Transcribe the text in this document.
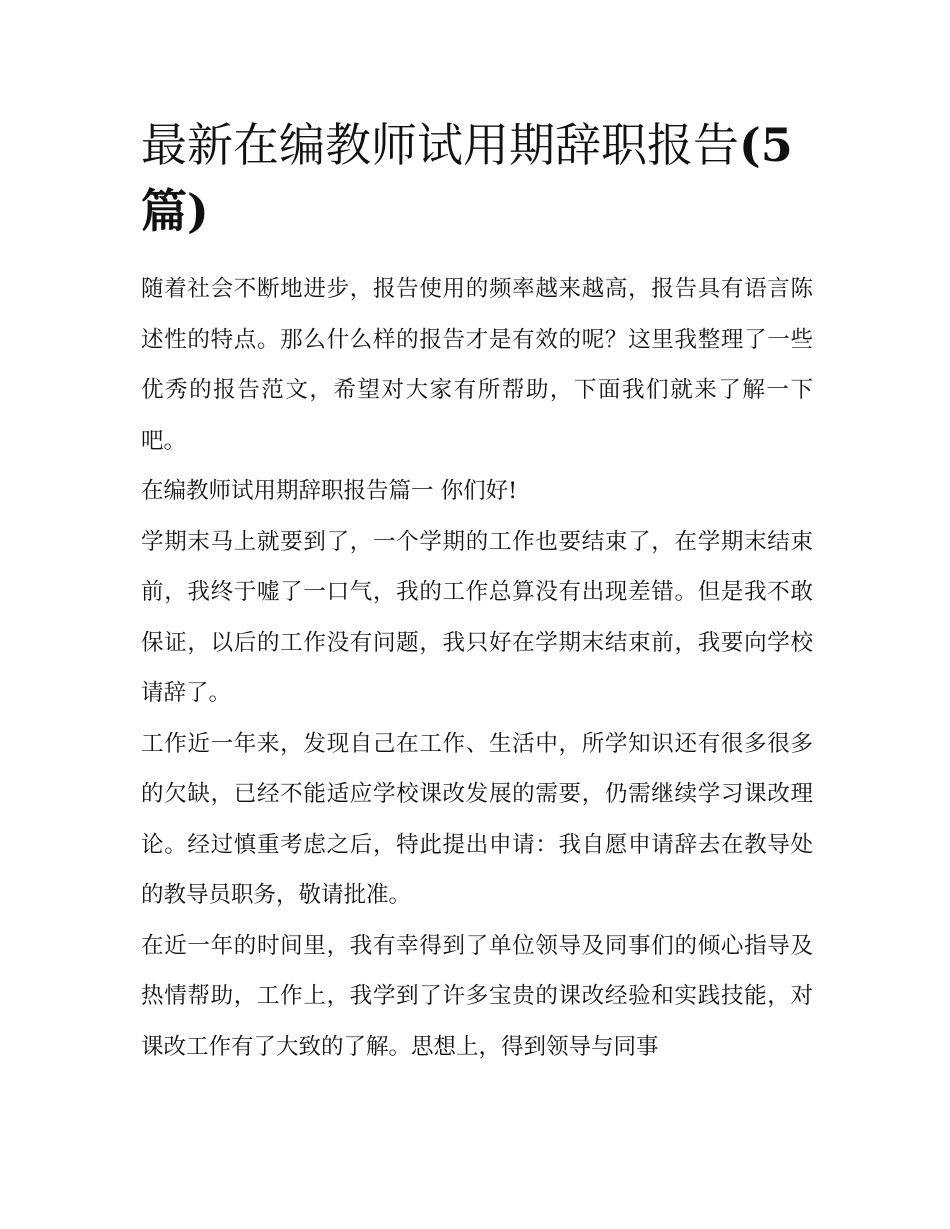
最新在编教师试用期辞职报告(5 篇)

随着社会不断地进步，报告使用的频率越来越高，报告具有语言陈述性的特点。那么什么样的报告才是有效的呢？这里我整理了一些优秀的报告范文，希望对大家有所帮助，下面我们就来了解一下吧。

在编教师试用期辞职报告篇一 你们好!

学期末马上就要到了，一个学期的工作也要结束了，在学期末结束前，我终于嘘了一口气，我的工作总算没有出现差错。但是我不敢保证，以后的工作没有问题，我只好在学期末结束前，我要向学校请辞了。

工作近一年来，发现自己在工作、生活中，所学知识还有很多很多的欠缺，已经不能适应学校课改发展的需要，仍需继续学习课改理论。经过慎重考虑之后，特此提出申请：我自愿申请辞去在教导处的教导员职务，敬请批准。

在近一年的时间里，我有幸得到了单位领导及同事们的倾心指导及热情帮助，工作上，我学到了许多宝贵的课改经验和实践技能，对课改工作有了大致的了解。思想上，得到领导与同事
